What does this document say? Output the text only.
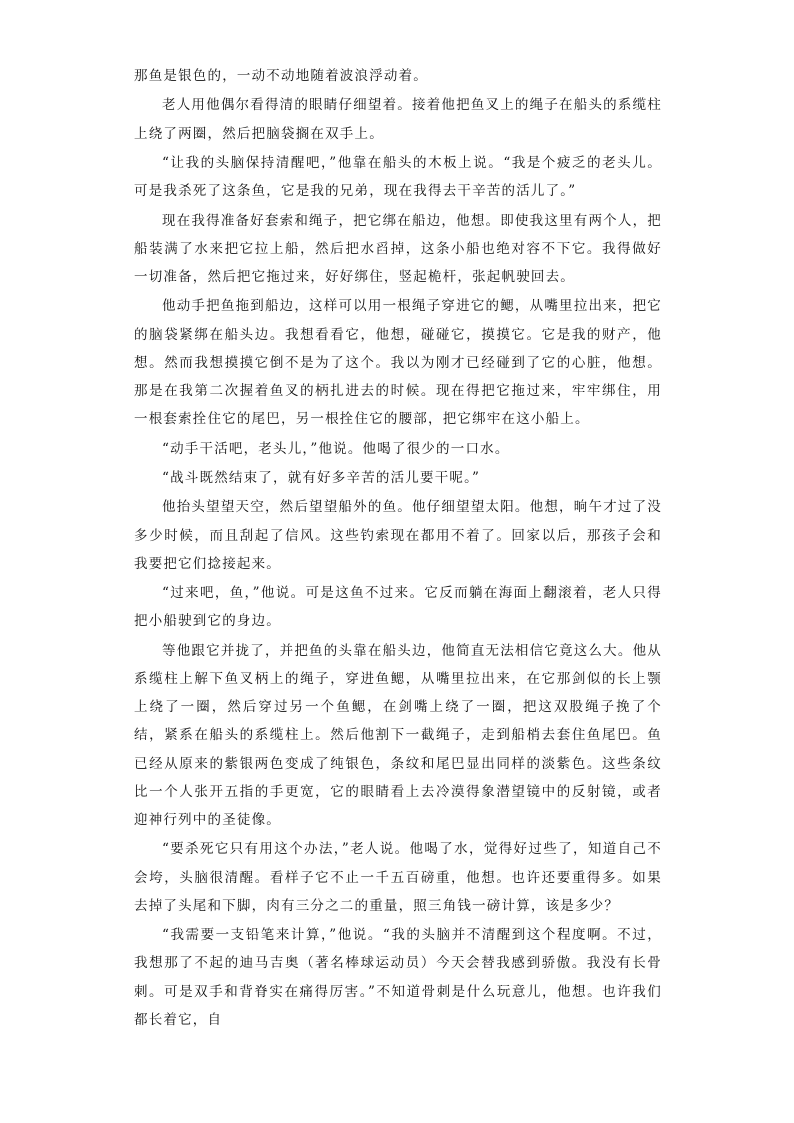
那鱼是银色的，一动不动地随着波浪浮动着。

老人用他偶尔看得清的眼睛仔细望着。接着他把鱼叉上的绳子在船头的系缆柱上绕了两圈，然后把脑袋搁在双手上。

“让我的头脑保持清醒吧，”他靠在船头的木板上说。“我是个疲乏的老头儿。可是我杀死了这条鱼，它是我的兄弟，现在我得去干辛苦的活儿了。”

现在我得准备好套索和绳子，把它绑在船边，他想。即使我这里有两个人，把船装满了水来把它拉上船，然后把水舀掉，这条小船也绝对容不下它。我得做好一切准备，然后把它拖过来，好好绑住，竖起桅杆，张起帆驶回去。

他动手把鱼拖到船边，这样可以用一根绳子穿进它的鳃，从嘴里拉出来，把它的脑袋紧绑在船头边。我想看看它，他想，碰碰它，摸摸它。它是我的财产，他想。然而我想摸摸它倒不是为了这个。我以为刚才已经碰到了它的心脏，他想。那是在我第二次握着鱼叉的柄扎进去的时候。现在得把它拖过来，牢牢绑住，用一根套索拴住它的尾巴，另一根拴住它的腰部，把它绑牢在这小船上。

“动手干活吧，老头儿，”他说。他喝了很少的一口水。

“战斗既然结束了，就有好多辛苦的活儿要干呢。”

他抬头望望天空，然后望望船外的鱼。他仔细望望太阳。他想，晌午才过了没多少时候，而且刮起了信风。这些钓索现在都用不着了。回家以后，那孩子会和我要把它们捻接起来。

“过来吧，鱼，”他说。可是这鱼不过来。它反而躺在海面上翻滚着，老人只得把小船驶到它的身边。

等他跟它并拢了，并把鱼的头靠在船头边，他简直无法相信它竟这么大。他从系缆柱上解下鱼叉柄上的绳子，穿进鱼鳃，从嘴里拉出来，在它那剑似的长上颚上绕了一圈，然后穿过另一个鱼鳃，在剑嘴上绕了一圈，把这双股绳子挽了个结，紧系在船头的系缆柱上。然后他割下一截绳子，走到船梢去套住鱼尾巴。鱼已经从原来的紫银两色变成了纯银色，条纹和尾巴显出同样的淡紫色。这些条纹比一个人张开五指的手更宽，它的眼睛看上去冷漠得象潜望镜中的反射镜，或者迎神行列中的圣徒像。

“要杀死它只有用这个办法，”老人说。他喝了水，觉得好过些了，知道自己不会垮，头脑很清醒。看样子它不止一千五百磅重，他想。也许还要重得多。如果去掉了头尾和下脚，肉有三分之二的重量，照三角钱一磅计算，该是多少？

“我需要一支铅笔来计算，”他说。“我的头脑并不清醒到这个程度啊。不过，我想那了不起的迪马吉奥（著名棒球运动员）今天会替我感到骄傲。我没有长骨刺。可是双手和背脊实在痛得厉害。”不知道骨刺是什么玩意儿，他想。也许我们都长着它，自
